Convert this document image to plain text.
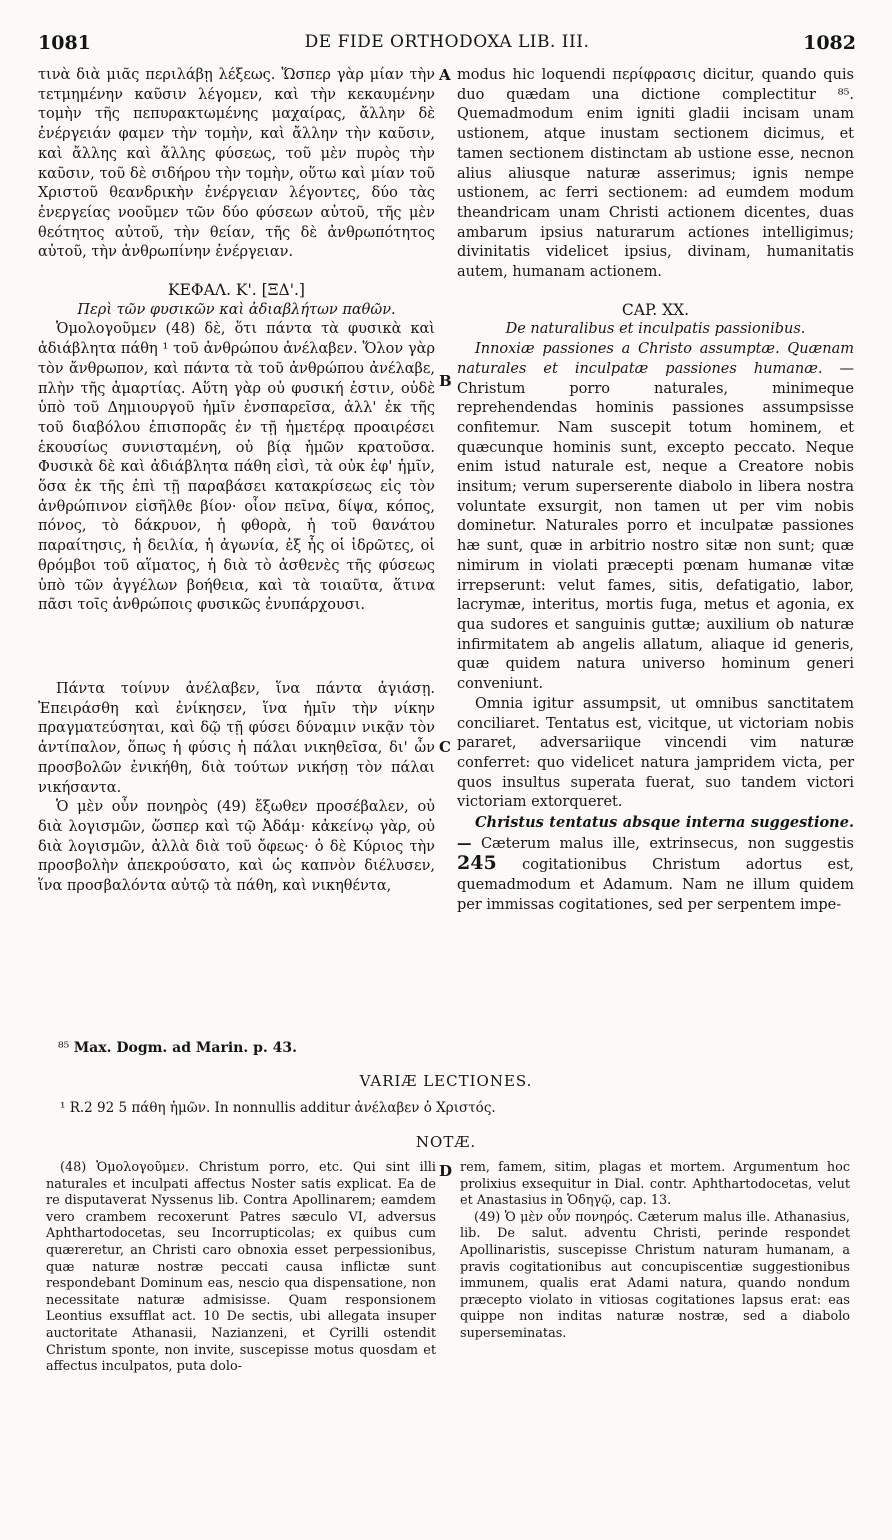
1081	DE FIDE ORTHODOXA LIB. III.	1082

τινὰ διὰ μιᾶς περιλάβῃ λέξεως. Ὥσπερ γὰρ μίαν τὴν τετμημένην καῦσιν λέγομεν, καὶ τὴν κεκαυμένην τομὴν τῆς πεπυρακτωμένης μαχαίρας, ἄλλην δὲ ἐνέργειάν φαμεν τὴν τομὴν, καὶ ἄλλην τὴν καῦσιν, καὶ ἄλλης καὶ ἄλλης φύσεως, τοῦ μὲν πυρὸς τὴν καῦσιν, τοῦ δὲ σιδήρου τὴν τομὴν, οὕτω καὶ μίαν τοῦ Χριστοῦ θεανδρικὴν ἐνέργειαν λέγοντες, δύο τὰς ἐνεργείας νοοῦμεν τῶν δύο φύσεων αὐτοῦ, τῆς μὲν θεότητος αὐτοῦ, τὴν θείαν, τῆς δὲ ἀνθρωπότητος αὐτοῦ, τὴν ἀνθρωπίνην ἐνέργειαν.

ΚΕΦΑΛ. Κ'. [ΞΔ'.]

Περὶ τῶν φυσικῶν καὶ ἀδιαβλήτων παθῶν.

Ὁμολογοῦμεν (48) δὲ, ὅτι πάντα τὰ φυσικὰ καὶ ἀδιάβλητα πάθη ¹ τοῦ ἀνθρώπου ἀνέλαβεν. Ὅλον γὰρ τὸν ἄνθρωπον, καὶ πάντα τὰ τοῦ ἀνθρώπου ἀνέλαβε, πλὴν τῆς ἁμαρτίας. Αὕτη γὰρ οὐ φυσική ἐστιν, οὐδὲ ὑπὸ τοῦ Δημιουργοῦ ἡμῖν ἐνσπαρεῖσα, ἀλλ' ἐκ τῆς τοῦ διαβόλου ἐπισπορᾶς ἐν τῇ ἡμετέρᾳ προαιρέσει ἑκουσίως συνισταμένη, οὐ βίᾳ ἡμῶν κρατοῦσα. Φυσικὰ δὲ καὶ ἀδιάβλητα πάθη εἰσὶ, τὰ οὐκ ἐφ' ἡμῖν, ὅσα ἐκ τῆς ἐπὶ τῇ παραβάσει κατακρίσεως εἰς τὸν ἀνθρώπινον εἰσῆλθε βίον· οἷον πεῖνα, δίψα, κόπος, πόνος, τὸ δάκρυον, ἡ φθορὰ, ἡ τοῦ θανάτου παραίτησις, ἡ δειλία, ἡ ἀγωνία, ἐξ ἧς οἱ ἱδρῶτες, οἱ θρόμβοι τοῦ αἵματος, ἡ διὰ τὸ ἀσθενὲς τῆς φύσεως ὑπὸ τῶν ἀγγέλων βοήθεια, καὶ τὰ τοιαῦτα, ἅτινα πᾶσι τοῖς ἀνθρώποις φυσικῶς ἐνυπάρχουσι.

Πάντα τοίνυν ἀνέλαβεν, ἵνα πάντα ἁγιάσῃ. Ἐπειράσθη καὶ ἐνίκησεν, ἵνα ἡμῖν τὴν νίκην πραγματεύσηται, καὶ δῷ τῇ φύσει δύναμιν νικᾷν τὸν ἀντίπαλον, ὅπως ἡ φύσις ἡ πάλαι νικηθεῖσα, δι' ὧν προσβολῶν ἐνικήθη, διὰ τούτων νικήσῃ τὸν πάλαι νικήσαντα.

Ὁ μὲν οὖν πονηρὸς (49) ἔξωθεν προσέβαλεν, οὐ διὰ λογισμῶν, ὥσπερ καὶ τῷ Ἀδάμ· κἀκείνῳ γὰρ, οὐ διὰ λογισμῶν, ἀλλὰ διὰ τοῦ ὄφεως· ὁ δὲ Κύριος τὴν προσβολὴν ἀπεκρούσατο, καὶ ὡς καπνὸν διέλυσεν, ἵνα προσβαλόντα αὐτῷ τὰ πάθη, καὶ νικηθέντα,

A
B
C
D

modus hic loquendi περίφρασις dicitur, quando quis duo quædam una dictione complectitur ⁸⁵. Quemadmodum enim igniti gladii incisam unam ustionem, atque inustam sectionem dicimus, et tamen sectionem distinctam ab ustione esse, necnon alius aliusque naturæ asserimus; ignis nempe ustionem, ac ferri sectionem: ad eumdem modum theandricam unam Christi actionem dicentes, duas ambarum ipsius naturarum actiones intelligimus; divinitatis videlicet ipsius, divinam, humanitatis autem, humanam actionem.

CAP. XX.

De naturalibus et inculpatis passionibus.

Innoxiæ passiones a Christo assumptæ. Quænam naturales et inculpatæ passiones humanæ. — Christum porro naturales, minimeque reprehendendas hominis passiones assumpsisse confitemur. Nam suscepit totum hominem, et quæcunque hominis sunt, excepto peccato. Neque enim istud naturale est, neque a Creatore nobis insitum; verum superserente diabolo in libera nostra voluntate exsurgit, non tamen ut per vim nobis dominetur. Naturales porro et inculpatæ passiones hæ sunt, quæ in arbitrio nostro sitæ non sunt; quæ nimirum in violati præcepti pœnam humanæ vitæ irrepserunt: velut fames, sitis, defatigatio, labor, lacrymæ, interitus, mortis fuga, metus et agonia, ex qua sudores et sanguinis guttæ; auxilium ob naturæ infirmitatem ab angelis allatum, aliaque id generis, quæ quidem natura universo hominum generi conveniunt.

Omnia igitur assumpsit, ut omnibus sanctitatem conciliaret. Tentatus est, vicitque, ut victoriam nobis pararet, adversariique vincendi vim naturæ conferret: quo videlicet natura jampridem victa, per quos insultus superata fuerat, suo tandem victori victoriam extorqueret.

Christus tentatus absque interna suggestione. — Cæterum malus ille, extrinsecus, non suggestis 245 cogitationibus Christum adortus est, quemadmodum et Adamum. Nam ne illum quidem per immissas cogitationes, sed per serpentem impe-

⁸⁵ Max. Dogm. ad Marin. p. 43.
VARIÆ LECTIONES.
¹ R.2 92 5 πάθη ἡμῶν. In nonnullis additur ἀνέλαβεν ὁ Χριστός.
NOTÆ.

(48) Ὁμολογοῦμεν. Christum porro, etc. Qui sint illi naturales et inculpati affectus Noster satis explicat. Ea de re disputaverat Nyssenus lib. Contra Apollinarem; eamdem vero crambem recoxerunt Patres sæculo VI, adversus Aphthartodocetas, seu Incorrupticolas; ex quibus cum quæreretur, an Christi caro obnoxia esset perpessionibus, quæ naturæ nostræ peccati causa inflictæ sunt respondebant Dominum eas, nescio qua dispensatione, non necessitate naturæ admisisse. Quam responsionem Leontius exsufflat act. 10 De sectis, ubi allegata insuper auctoritate Athanasii, Nazianzeni, et Cyrilli ostendit Christum sponte, non invite, suscepisse motus quosdam et affectus inculpatos, puta dolo-

rem, famem, sitim, plagas et mortem. Argumentum hoc prolixius exsequitur in Dial. contr. Aphthartodocetas, velut et Anastasius in Ὁδηγῷ, cap. 13.

(49) Ὁ μὲν οὖν πονηρός. Cæterum malus ille. Athanasius, lib. De salut. adventu Christi, perinde respondet Apollinaristis, suscepisse Christum naturam humanam, a pravis cogitationibus aut concupiscentiæ suggestionibus immunem, qualis erat Adami natura, quando nondum præcepto violato in vitiosas cogitationes lapsus erat: eas quippe non inditas naturæ nostræ, sed a diabolo superseminatas.
